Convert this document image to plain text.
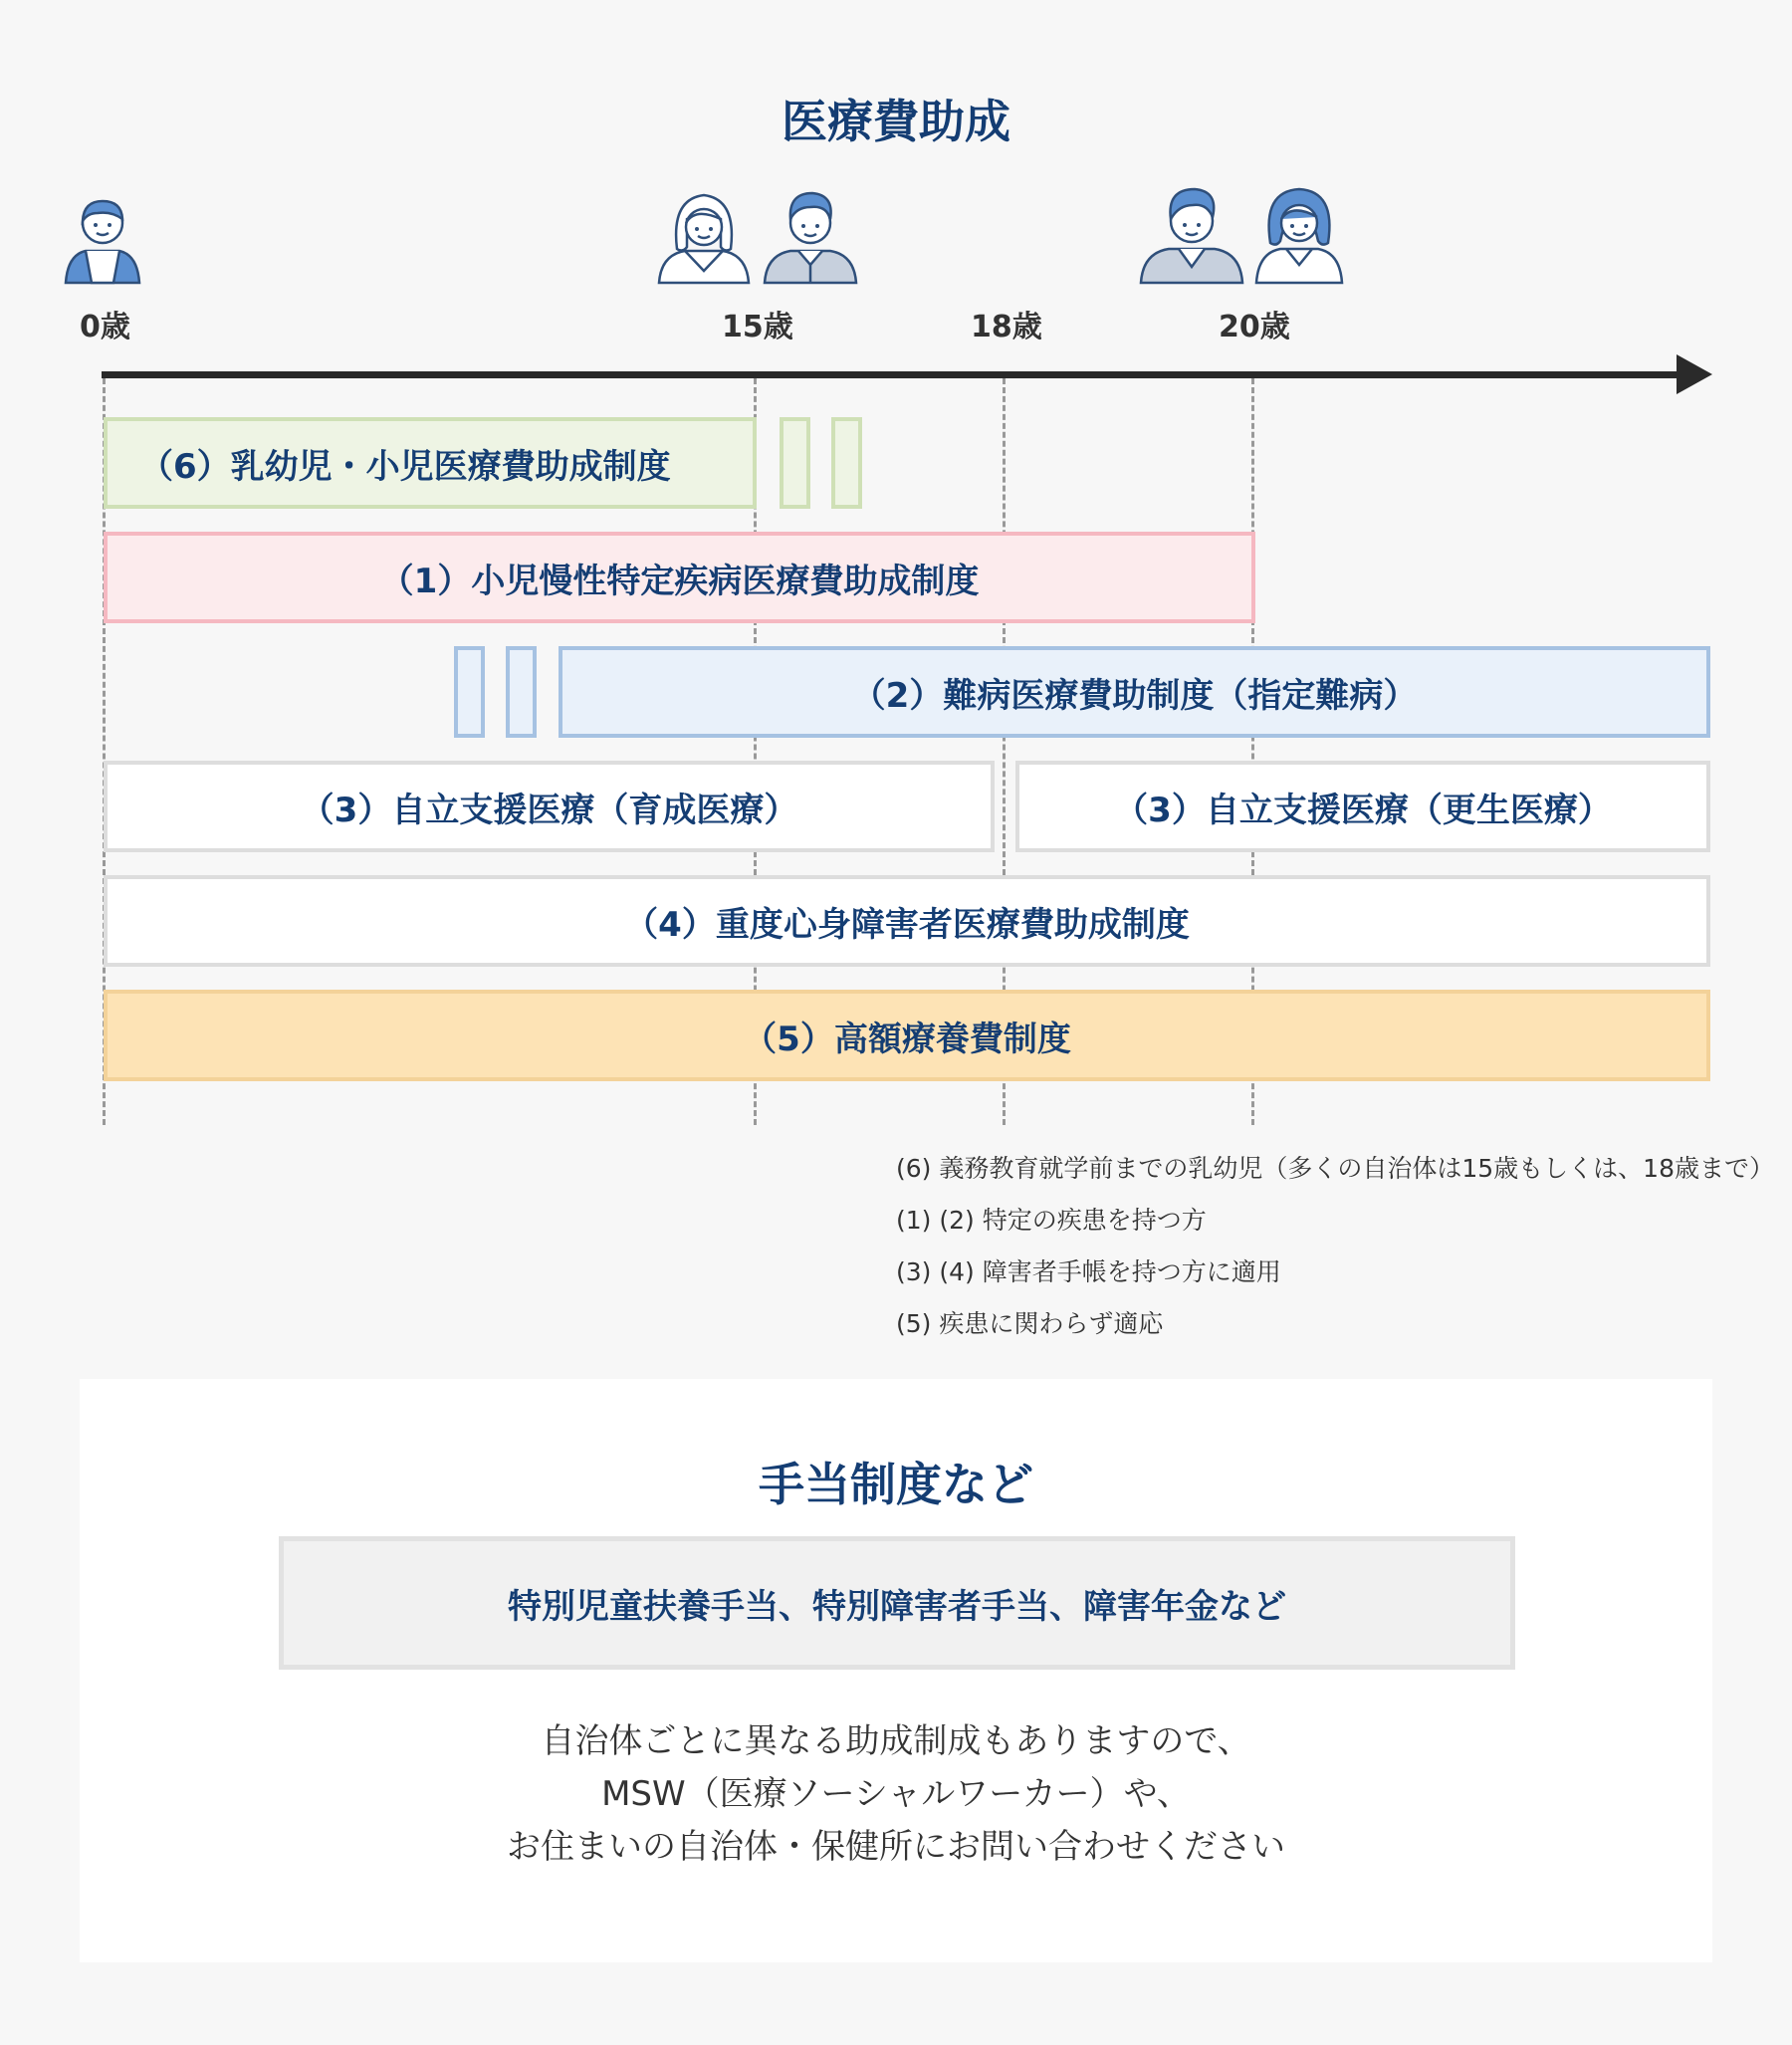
医療費助成
0歳	15歳	18歳	20歳
（6）乳幼児・小児医療費助成制度
（1）小児慢性特定疾病医療費助成制度
（2）難病医療費助制度（指定難病）
（3）自立支援医療（育成医療）	（3）自立支援医療（更生医療）
（4）重度心身障害者医療費助成制度
（5）高額療養費制度
(6) 義務教育就学前までの乳幼児（多くの自治体は15歳もしくは、18歳まで）
(1) (2) 特定の疾患を持つ方
(3) (4) 障害者手帳を持つ方に適用
(5) 疾患に関わらず適応
手当制度など
特別児童扶養手当、特別障害者手当、障害年金など
自治体ごとに異なる助成制成もありますので、
MSW（医療ソーシャルワーカー）や、
お住まいの自治体・保健所にお問い合わせください
